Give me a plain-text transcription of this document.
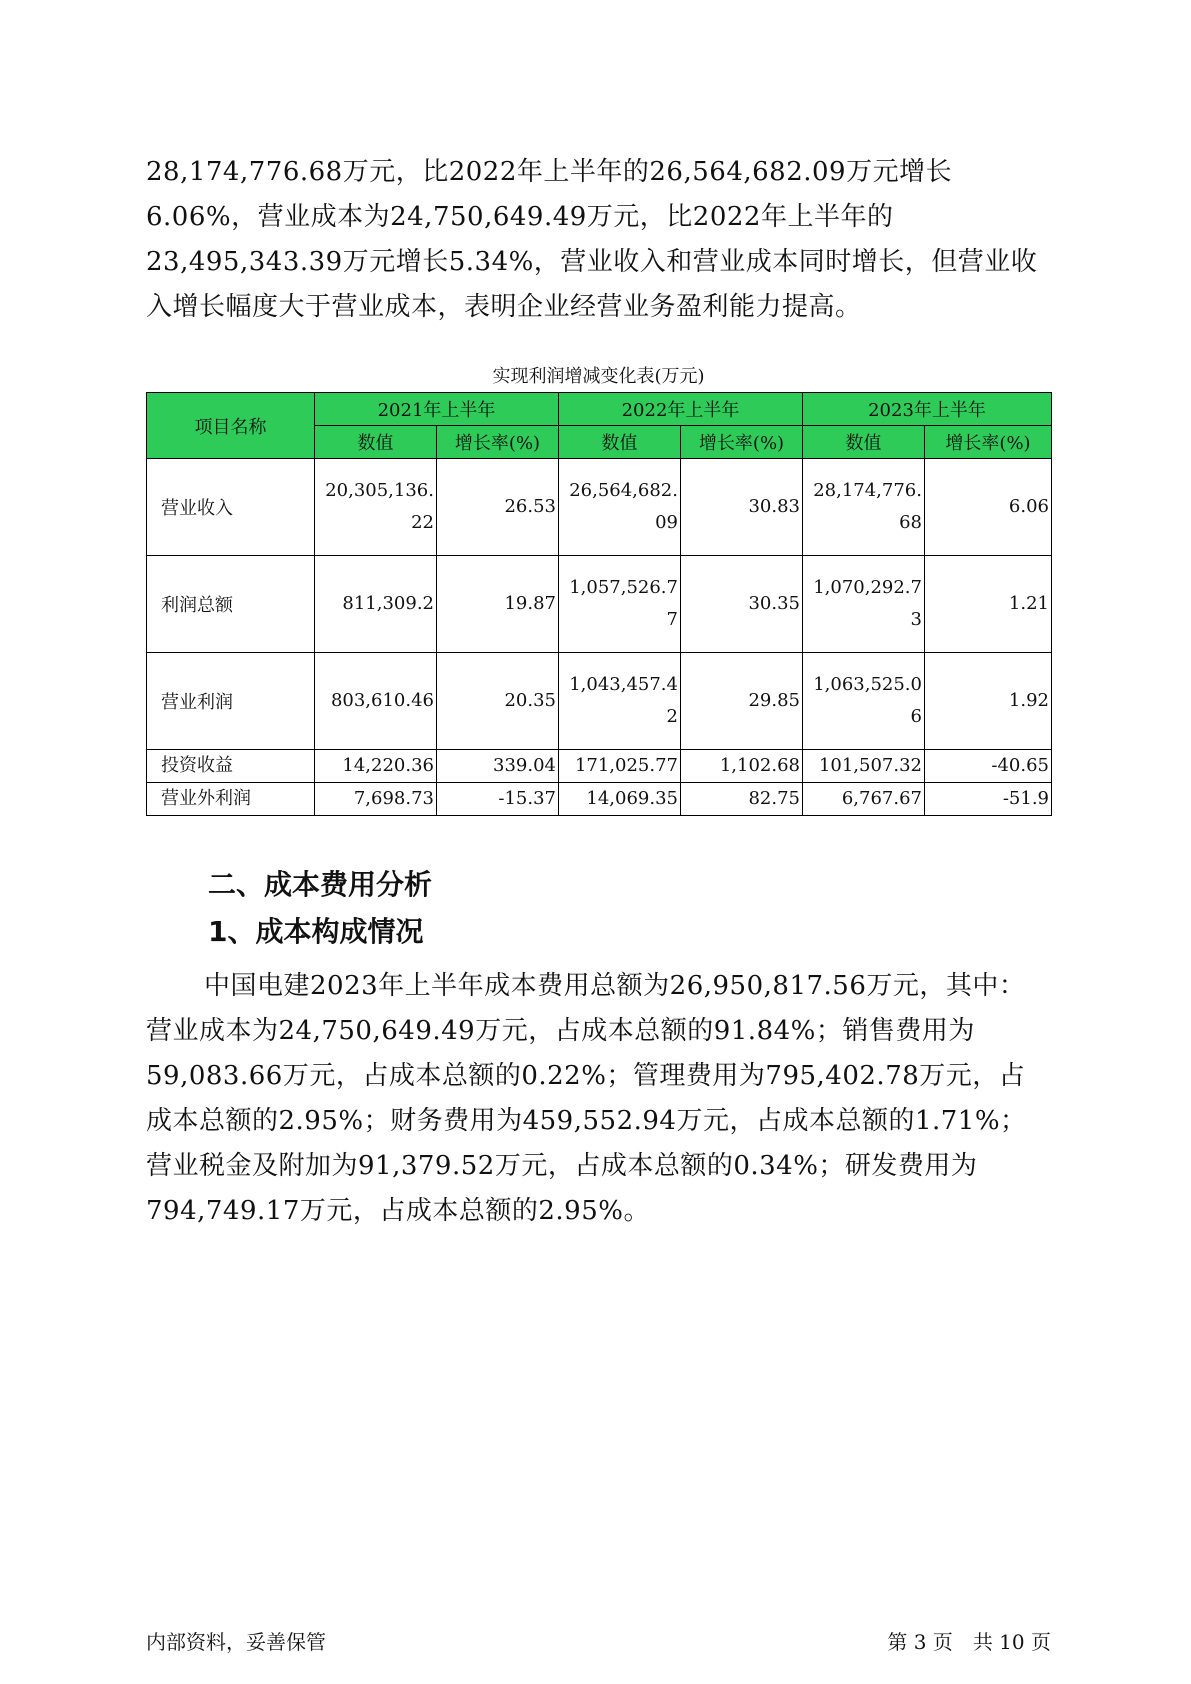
28,174,776.68万元，比2022年上半年的26,564,682.09万元增长6.06%，营业成本为24,750,649.49万元，比2022年上半年的23,495,343.39万元增长5.34%，营业收入和营业成本同时增长，但营业收入增长幅度大于营业成本，表明企业经营业务盈利能力提高。

实现利润增减变化表(万元)
项目名称	2021年上半年		2022年上半年		2023年上半年	
	数值	增长率(%)	数值	增长率(%)	数值	增长率(%)
营业收入	20,305,136.22	26.53	26,564,682.09	30.83	28,174,776.68	6.06
利润总额	811,309.2	19.87	1,057,526.77	30.35	1,070,292.73	1.21
营业利润	803,610.46	20.35	1,043,457.42	29.85	1,063,525.06	1.92
投资收益	14,220.36	339.04	171,025.77	1,102.68	101,507.32	-40.65
营业外利润	7,698.73	-15.37	14,069.35	82.75	6,767.67	-51.9
二、成本费用分析
1、成本构成情况

中国电建2023年上半年成本费用总额为26,950,817.56万元，其中：营业成本为24,750,649.49万元，占成本总额的91.84%；销售费用为59,083.66万元，占成本总额的0.22%；管理费用为795,402.78万元，占成本总额的2.95%；财务费用为459,552.94万元，占成本总额的1.71%；营业税金及附加为91,379.52万元，占成本总额的0.34%；研发费用为794,749.17万元，占成本总额的2.95%。

内部资料，妥善保管	第 3 页　共 10 页
